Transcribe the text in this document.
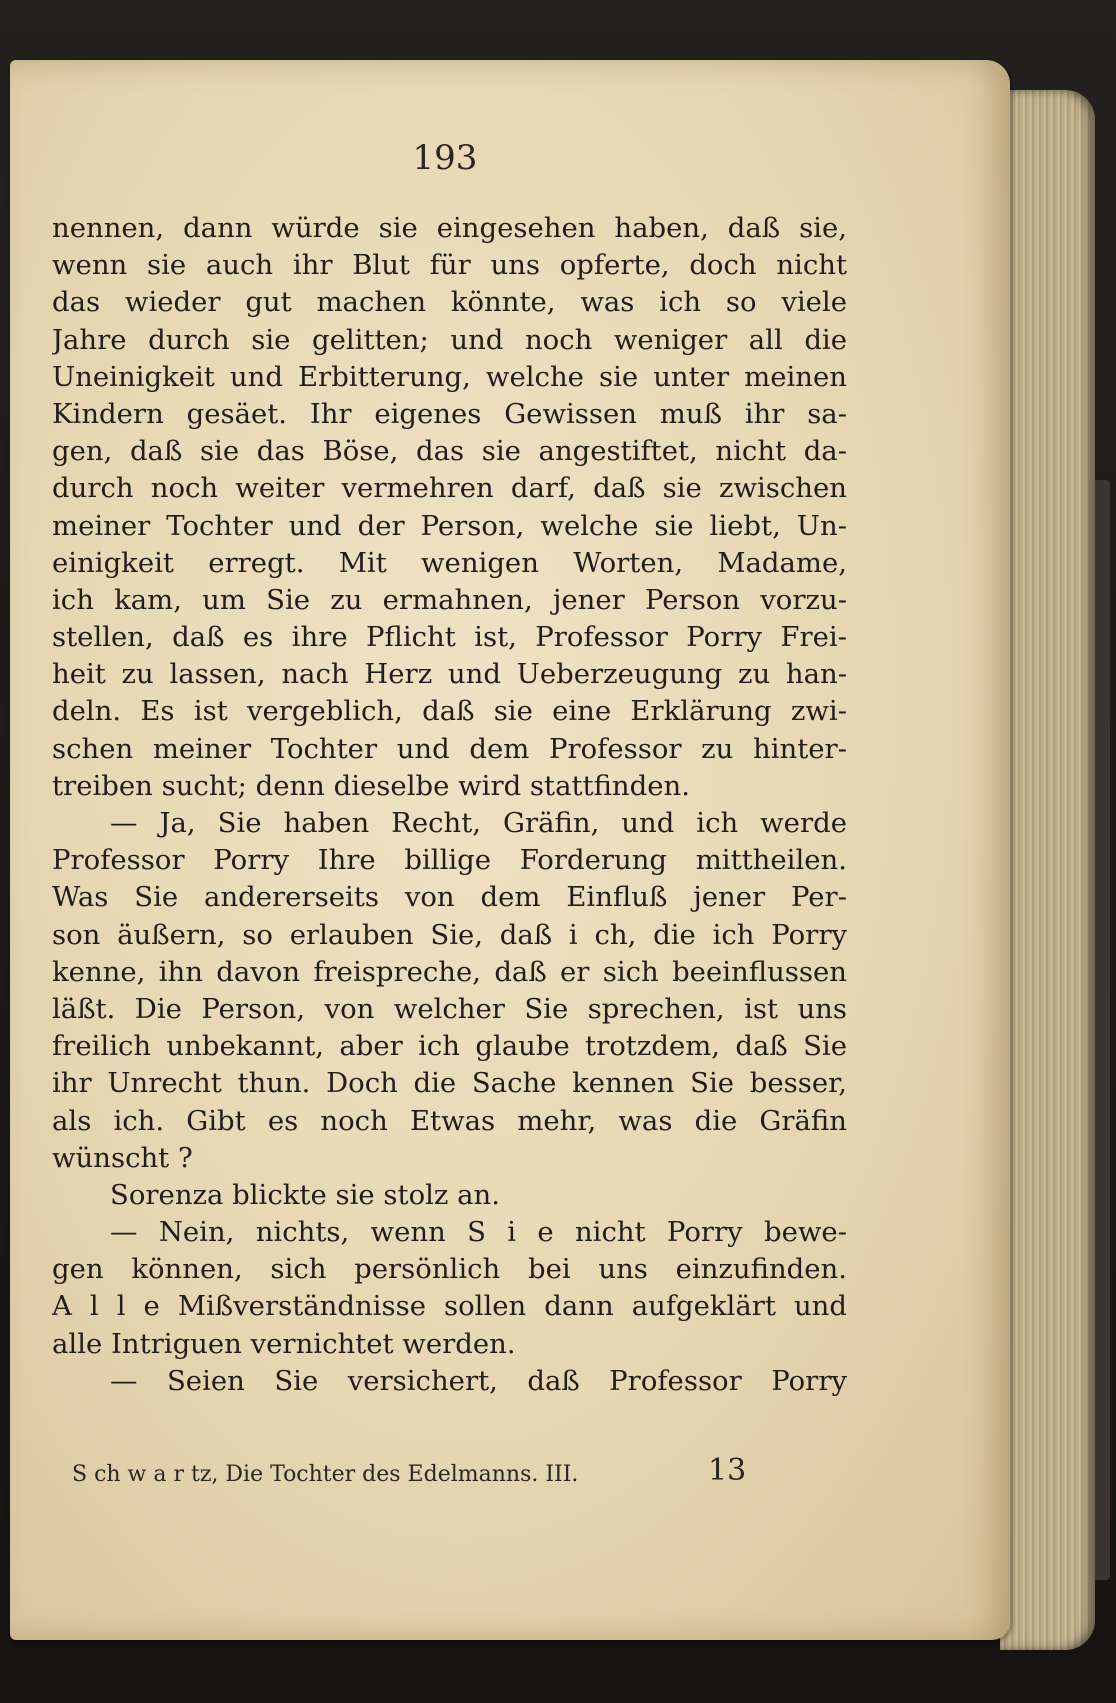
193
nennen, dann würde sie eingesehen haben, daß sie,
wenn sie auch ihr Blut für uns opferte, doch nicht
das wieder gut machen könnte, was ich so viele
Jahre durch sie gelitten; und noch weniger all die
Uneinigkeit und Erbitterung, welche sie unter meinen
Kindern gesäet. Ihr eigenes Gewissen muß ihr sa-
gen, daß sie das Böse, das sie angestiftet, nicht da-
durch noch weiter vermehren darf, daß sie zwischen
meiner Tochter und der Person, welche sie liebt, Un-
einigkeit erregt. Mit wenigen Worten, Madame,
ich kam, um Sie zu ermahnen, jener Person vorzu-
stellen, daß es ihre Pflicht ist, Professor Porry Frei-
heit zu lassen, nach Herz und Ueberzeugung zu han-
deln. Es ist vergeblich, daß sie eine Erklärung zwi-
schen meiner Tochter und dem Professor zu hinter-
treiben sucht; denn dieselbe wird stattfinden.
— Ja, Sie haben Recht, Gräfin, und ich werde
Professor Porry Ihre billige Forderung mittheilen.
Was Sie andererseits von dem Einfluß jener Per-
son äußern, so erlauben Sie, daß i ch, die ich Porry
kenne, ihn davon freispreche, daß er sich beeinflussen
läßt. Die Person, von welcher Sie sprechen, ist uns
freilich unbekannt, aber ich glaube trotzdem, daß Sie
ihr Unrecht thun. Doch die Sache kennen Sie besser,
als ich. Gibt es noch Etwas mehr, was die Gräfin
wünscht ?
Sorenza blickte sie stolz an.
— Nein, nichts, wenn S i e nicht Porry bewe-
gen können, sich persönlich bei uns einzufinden.
A l l e Mißverständnisse sollen dann aufgeklärt und
alle Intriguen vernichtet werden.
— Seien Sie versichert, daß Professor Porry
S ch w a r tz, Die Tochter des Edelmanns. III.	13
